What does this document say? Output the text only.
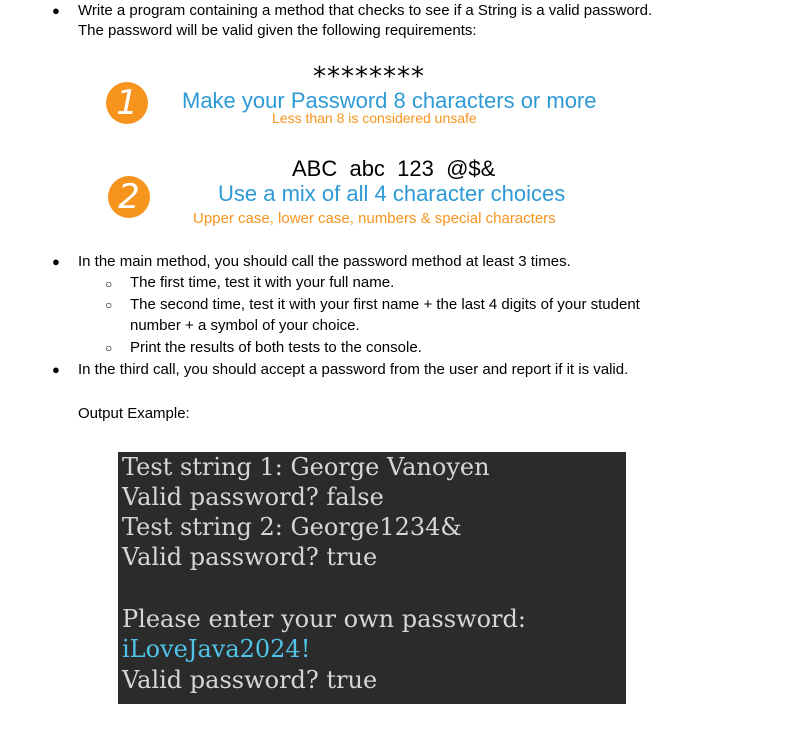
● Write a program containing a method that checks to see if a String is a valid password.
The password will be valid given the following requirements:
1
********
Make your Password 8 characters or more
Less than 8 is considered unsafe
2
ABC  abc  123  @$&
Use a mix of all 4 character choices
Upper case, lower case, numbers & special characters
● In the main method, you should call the password method at least 3 times.
○ The first time, test it with your full name.
○ The second time, test it with your first name + the last 4 digits of your student
number + a symbol of your choice.
○ Print the results of both tests to the console.
● In the third call, you should accept a password from the user and report if it is valid.
Output Example:
Test string 1: George Vanoyen
Valid password? false
Test string 2: George1234&
Valid password? true
Please enter your own password:
iLoveJava2024!
Valid password? true
